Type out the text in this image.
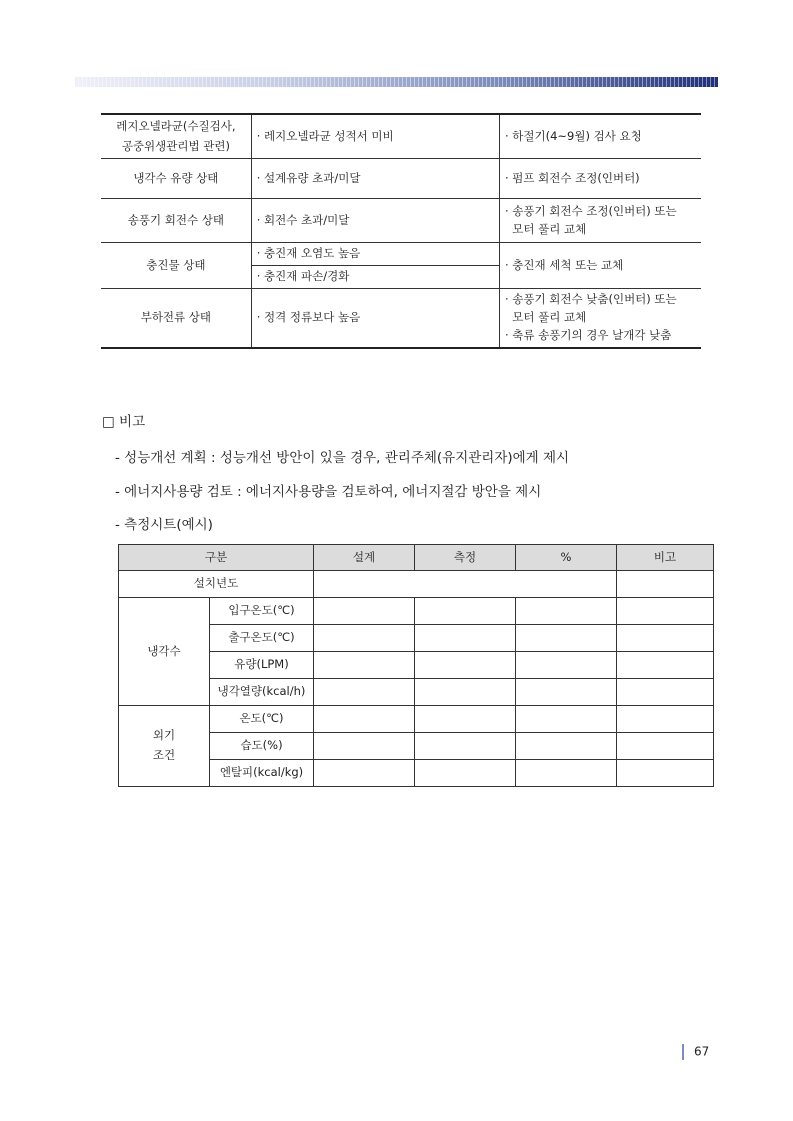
레지오넬라균(수질검사,
공중위생관리법 관련)	· 레지오넬라균 성적서 미비	· 하절기(4~9월) 검사 요청
냉각수 유량 상태	· 설계유량 초과/미달	· 펌프 회전수 조정(인버터)
송풍기 회전수 상태	· 회전수 초과/미달	· 송풍기 회전수 조정(인버터) 또는
모터 풀리 교체
충진물 상태	· 충진재 오염도 높음	· 충진재 세척 또는 교체
	· 충진재 파손/경화	
부하전류 상태	· 정격 정류보다 높음	· 송풍기 회전수 낮춤(인버터) 또는
모터 풀리 교체
· 축류 송풍기의 경우 날개각 낮춤
□ 비고
- 성능개선 계획 : 성능개선 방안이 있을 경우, 관리주체(유지관리자)에게 제시
- 에너지사용량 검토 : 에너지사용량을 검토하여, 에너지절감 방안을 제시
- 측정시트(예시)
구분		설계	측정	%	비고
설치년도					
냉각수	입구온도(℃)				
	출구온도(℃)				
	유량(LPM)				
	냉각열량(kcal/h)				
외기
조건	온도(℃)				
	습도(%)				
	엔탈피(kcal/kg)				
67
